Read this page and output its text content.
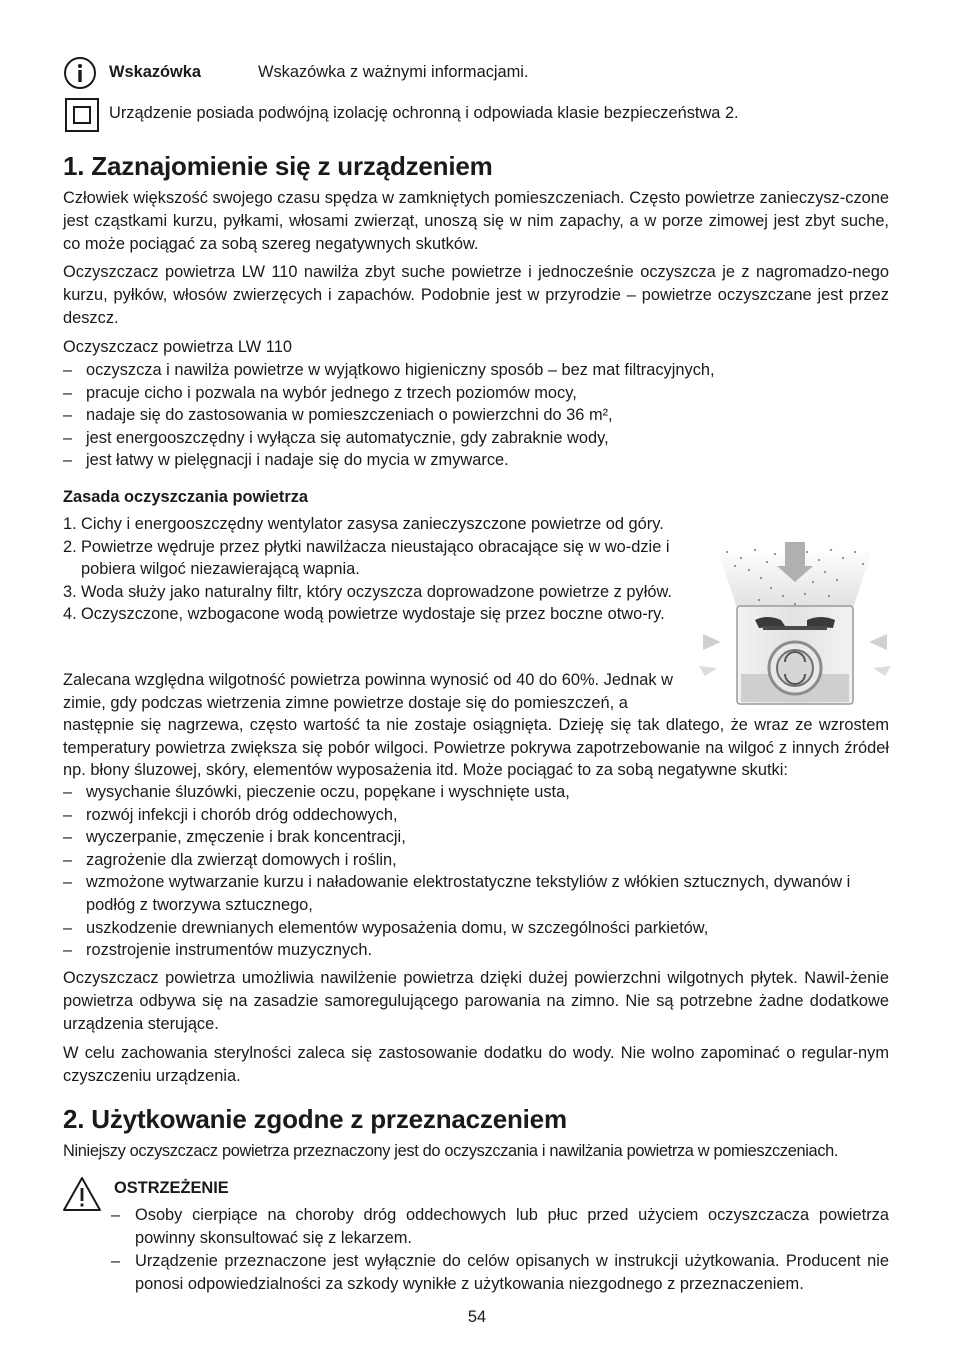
Wskazówka	Wskazówka z ważnymi informacjami.
Urządzenie posiada podwójną izolację ochronną i odpowiada klasie bezpieczeństwa 2.
1. Zaznajomienie się z urządzeniem

Człowiek większość swojego czasu spędza w zamkniętych pomieszczeniach. Często powietrze zanieczysz-czone jest cząstkami kurzu, pyłkami, włosami zwierząt, unoszą się w nim zapachy, a w porze zimowej jest zbyt suche, co może pociągać za sobą szereg negatywnych skutków.

Oczyszczacz powietrza LW 110 nawilża zbyt suche powietrze i jednocześnie oczyszcza je z nagromadzo-nego kurzu, pyłków, włosów zwierzęcych i zapachów. Podobnie jest w przyrodzie – powietrze oczyszczane jest przez deszcz.

Oczyszczacz powietrza LW 110

– oczyszcza i nawilża powietrze w wyjątkowo higieniczny sposób – bez mat filtracyjnych,
– pracuje cicho i pozwala na wybór jednego z trzech poziomów mocy,
– nadaje się do zastosowania w pomieszczeniach o powierzchni do 36 m²,
– jest energooszczędny i wyłącza się automatycznie, gdy zabraknie wody,
– jest łatwy w pielęgnacji i nadaje się do mycia w zmywarce.
Zasada oczyszczania powietrza
1. Cichy i energooszczędny wentylator zasysa zanieczyszczone powietrze od góry.
2. Powietrze wędruje przez płytki nawilżacza nieustająco obracające się w wo-dzie i pobiera wilgoć niezawierającą wapnia.
3. Woda służy jako naturalny filtr, który oczyszcza doprowadzone powietrze z pyłów.
4. Oczyszczone, wzbogacone wodą powietrze wydostaje się przez boczne otwo-ry.

Zalecana względna wilgotność powietrza powinna wynosić od 40 do 60%. Jednak w zimie, gdy podczas wietrzenia zimne powietrze dostaje się do pomieszczeń, a

następnie się nagrzewa, często wartość ta nie zostaje osiągnięta. Dzieję się tak dlatego, że wraz ze wzrostem temperatury powietrza zwiększa się pobór wilgoci. Powietrze pokrywa zapotrzebowanie na wilgoć z innych źródeł np. błony śluzowej, skóry, elementów wyposażenia itd. Może pociągać to za sobą negatywne skutki:

– wysychanie śluzówki, pieczenie oczu, popękane i wyschnięte usta,
– rozwój infekcji i chorób dróg oddechowych,
– wyczerpanie, zmęczenie i brak koncentracji,
– zagrożenie dla zwierząt domowych i roślin,
– wzmożone wytwarzanie kurzu i naładowanie elektrostatyczne tekstyliów z włókien sztucznych, dywanów i podłóg z tworzywa sztucznego,
– uszkodzenie drewnianych elementów wyposażenia domu, w szczególności parkietów,
– rozstrojenie instrumentów muzycznych.

Oczyszczacz powietrza umożliwia nawilżenie powietrza dzięki dużej powierzchni wilgotnych płytek. Nawil-żenie powietrza odbywa się na zasadzie samoregulującego parowania na zimno. Nie są potrzebne żadne dodatkowe urządzenia sterujące.

W celu zachowania sterylności zaleca się zastosowanie dodatku do wody. Nie wolno zapominać o regular-nym czyszczeniu urządzenia.

2. Użytkowanie zgodne z przeznaczeniem

Niniejszy oczyszczacz powietrza przeznaczony jest do oczyszczania i nawilżania powietrza w pomieszczeniach.

OSTRZEŻENIE
– Osoby cierpiące na choroby dróg oddechowych lub płuc przed użyciem oczyszczacza powietrza powinny skonsultować się z lekarzem.
– Urządzenie przeznaczone jest wyłącznie do celów opisanych w instrukcji użytkowania. Producent nie ponosi odpowiedzialności za szkody wynikłe z użytkowania niezgodnego z przeznaczeniem.
54
